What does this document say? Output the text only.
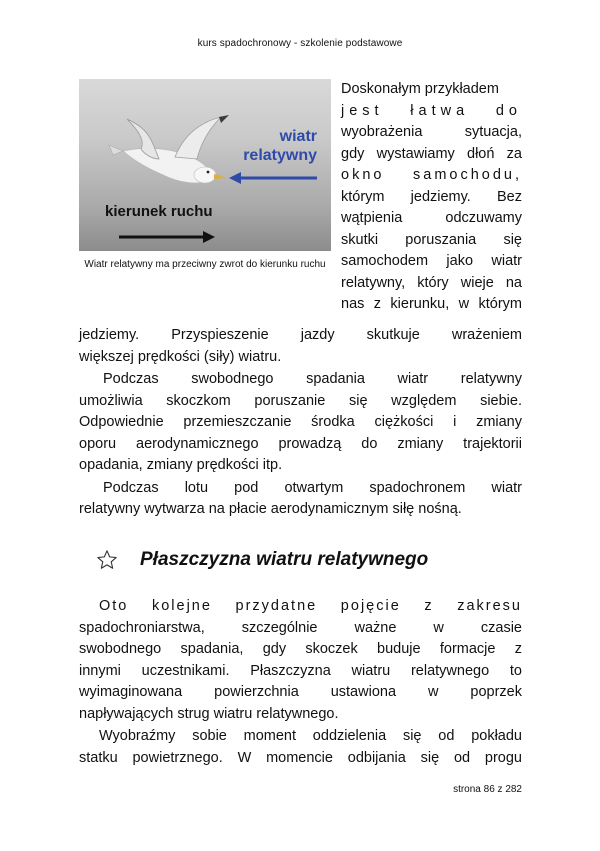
kurs spadochronowy - szkolenie podstawowe
wiatr
relatywny
kierunek ruchu
Wiatr relatywny ma przeciwny zwrot do kierunku ruchu
Doskonałym przykładem
jest łatwa do
wyobrażenia sytuacja,
gdy wystawiamy dłoń za
okno samochodu,
którym jedziemy. Bez
wątpienia odczuwamy
skutki poruszania się
samochodem jako wiatr
relatywny, który wieje na
nas z kierunku, w którym
jedziemy. Przyspieszenie jazdy skutkuje wrażeniem
większej prędkości (siły) wiatru.
Podczas swobodnego spadania wiatr relatywny
umożliwia skoczkom poruszanie się względem siebie.
Odpowiednie przemieszczanie środka ciężkości i zmiany
oporu aerodynamicznego prowadzą do zmiany trajektorii
opadania, zmiany prędkości itp.
Podczas lotu pod otwartym spadochronem wiatr
relatywny wytwarza na płacie aerodynamicznym siłę nośną.
Płaszczyzna wiatru relatywnego
Oto kolejne przydatne pojęcie z zakresu
spadochroniarstwa, szczególnie ważne w czasie
swobodnego spadania, gdy skoczek buduje formacje z
innymi uczestnikami. Płaszczyzna wiatru relatywnego to
wyimaginowana powierzchnia ustawiona w poprzek
napływających strug wiatru relatywnego.
Wyobraźmy sobie moment oddzielenia się od pokładu
statku powietrznego. W momencie odbijania się od progu
strona 86 z 282
